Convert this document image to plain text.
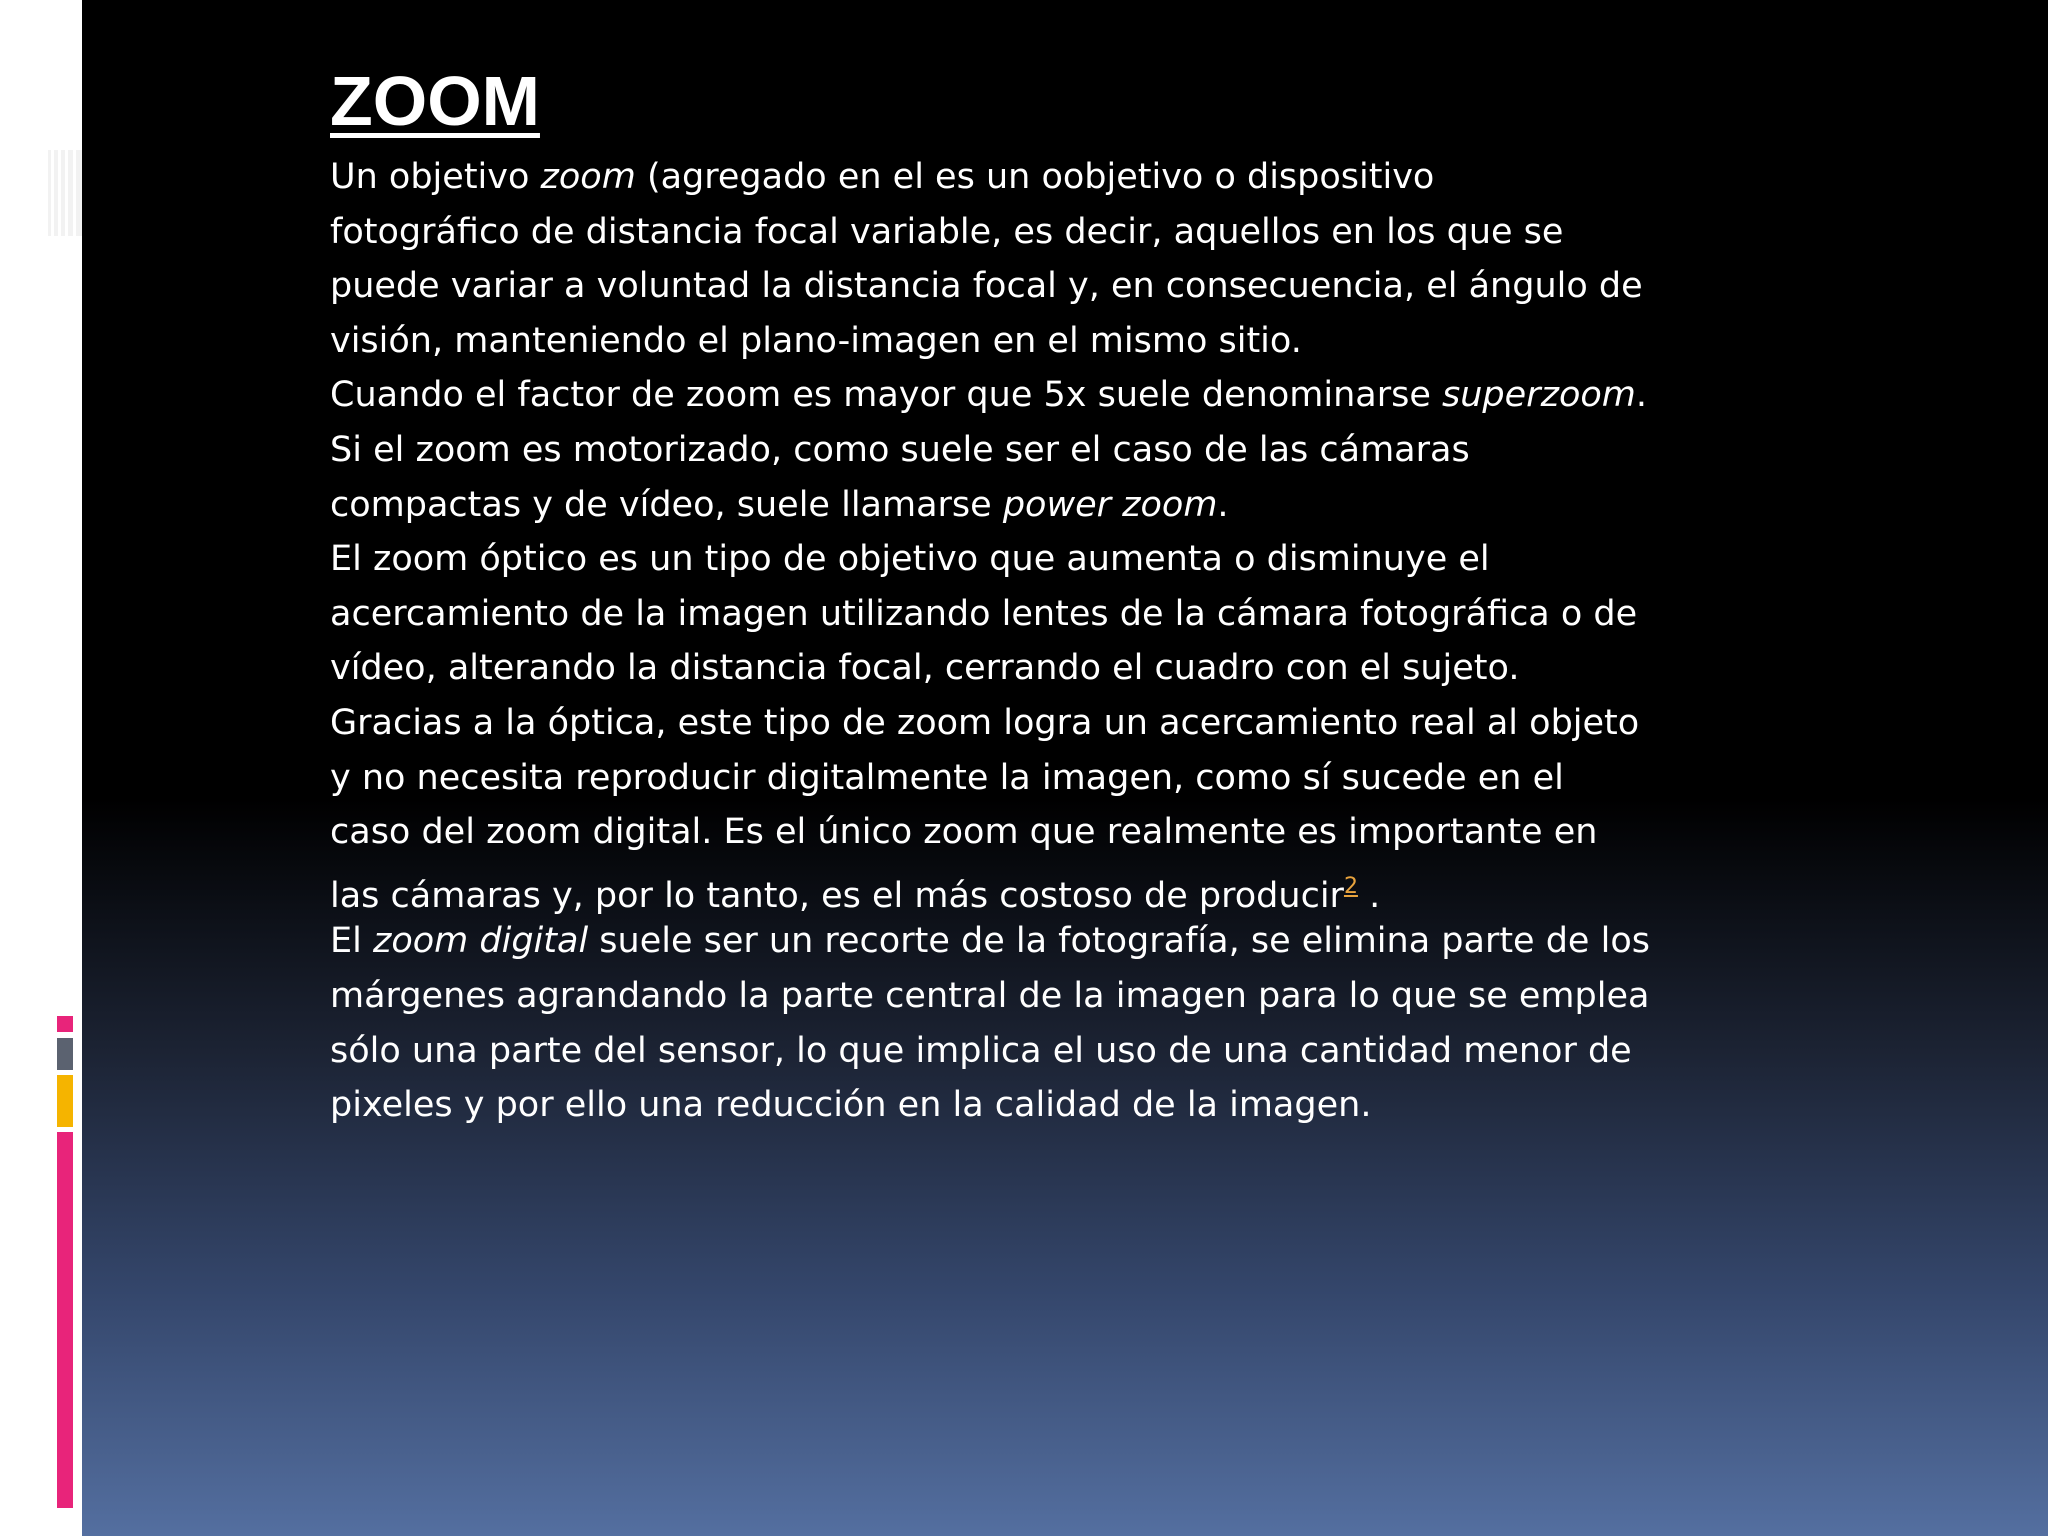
ZOOM
Un objetivo zoom (agregado en el es un oobjetivo o dispositivo
fotográfico de distancia focal variable, es decir, aquellos en los que se
puede variar a voluntad la distancia focal y, en consecuencia, el ángulo de
visión, manteniendo el plano-imagen en el mismo sitio.
Cuando el factor de zoom es mayor que 5x suele denominarse superzoom.
Si el zoom es motorizado, como suele ser el caso de las cámaras
compactas y de vídeo, suele llamarse power zoom.
El zoom óptico es un tipo de objetivo que aumenta o disminuye el
acercamiento de la imagen utilizando lentes de la cámara fotográfica o de
vídeo, alterando la distancia focal, cerrando el cuadro con el sujeto.
Gracias a la óptica, este tipo de zoom logra un acercamiento real al objeto
y no necesita reproducir digitalmente la imagen, como sí sucede en el
caso del zoom digital. Es el único zoom que realmente es importante en
las cámaras y, por lo tanto, es el más costoso de producir$^2$ .
El zoom digital suele ser un recorte de la fotografía, se elimina parte de los
márgenes agrandando la parte central de la imagen para lo que se emplea
sólo una parte del sensor, lo que implica el uso de una cantidad menor de
pixeles y por ello una reducción en la calidad de la imagen.
